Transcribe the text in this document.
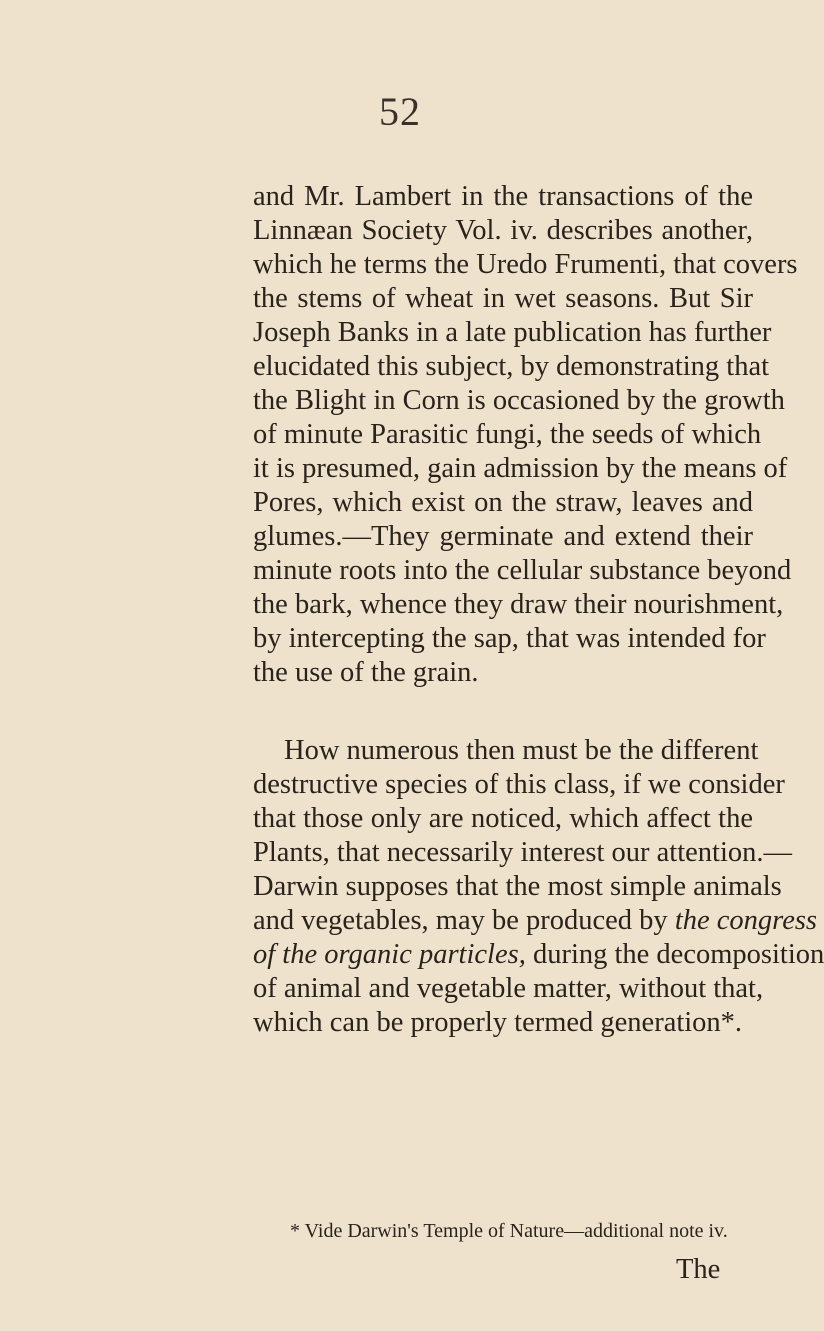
52
and Mr. Lambert in the transactions of the
Linnæan Society Vol. iv. describes another,
which he terms the Uredo Frumenti, that covers
the stems of wheat in wet seasons. But Sir
Joseph Banks in a late publication has further
elucidated this subject, by demonstrating that
the Blight in Corn is occasioned by the growth
of minute Parasitic fungi, the seeds of which
it is presumed, gain admission by the means of
Pores, which exist on the straw, leaves and
glumes.—They germinate and extend their
minute roots into the cellular substance beyond
the bark, whence they draw their nourishment,
by intercepting the sap, that was intended for
the use of the grain.
How numerous then must be the different
destructive species of this class, if we consider
that those only are noticed, which affect the
Plants, that necessarily interest our attention.—
Darwin supposes that the most simple animals
and vegetables, may be produced by the congress
of the organic particles, during the decomposition
of animal and vegetable matter, without that,
which can be properly termed generation*.
* Vide Darwin's Temple of Nature—additional note iv.
The
